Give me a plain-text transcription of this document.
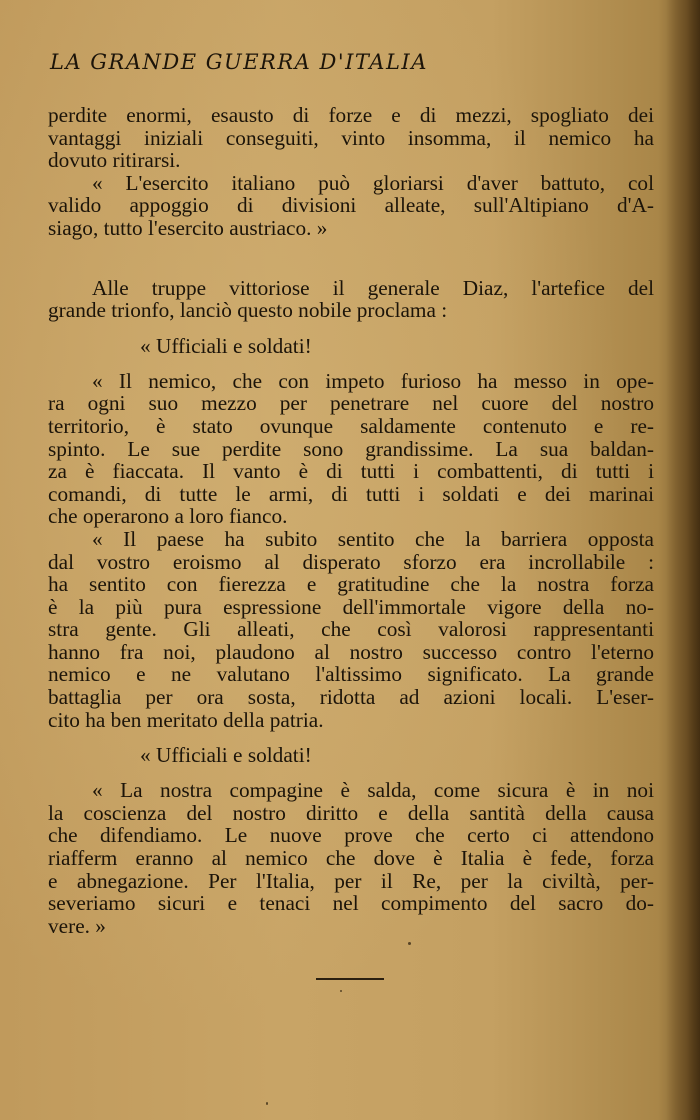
LA GRANDE GUERRA D'ITALIA
perdite enormi, esausto di forze e di mezzi, spogliato dei
vantaggi iniziali conseguiti, vinto insomma, il nemico ha
dovuto ritirarsi.
« L'esercito italiano può gloriarsi d'aver battuto, col
valido appoggio di divisioni alleate, sull'Altipiano d'A-
siago, tutto l'esercito austriaco. »
Alle truppe vittoriose il generale Diaz, l'artefice del
grande trionfo, lanciò questo nobile proclama :
« Ufficiali e soldati!
« Il nemico, che con impeto furioso ha messo in ope-
ra ogni suo mezzo per penetrare nel cuore del nostro
territorio, è stato ovunque saldamente contenuto e re-
spinto. Le sue perdite sono grandissime. La sua baldan-
za è fiaccata. Il vanto è di tutti i combattenti, di tutti i
comandi, di tutte le armi, di tutti i soldati e dei marinai
che operarono a loro fianco.
« Il paese ha subito sentito che la barriera opposta
dal vostro eroismo al disperato sforzo era incrollabile :
ha sentito con fierezza e gratitudine che la nostra forza
è la più pura espressione dell'immortale vigore della no-
stra gente. Gli alleati, che così valorosi rappresentanti
hanno fra noi, plaudono al nostro successo contro l'eterno
nemico e ne valutano l'altissimo significato. La grande
battaglia per ora sosta, ridotta ad azioni locali. L'eser-
cito ha ben meritato della patria.
« Ufficiali e soldati!
« La nostra compagine è salda, come sicura è in noi
la coscienza del nostro diritto e della santità della causa
che difendiamo. Le nuove prove che certo ci attendono
riafferm eranno al nemico che dove è Italia è fede, forza
e abnegazione. Per l'Italia, per il Re, per la civiltà, per-
severiamo sicuri e tenaci nel compimento del sacro do-
vere. »
